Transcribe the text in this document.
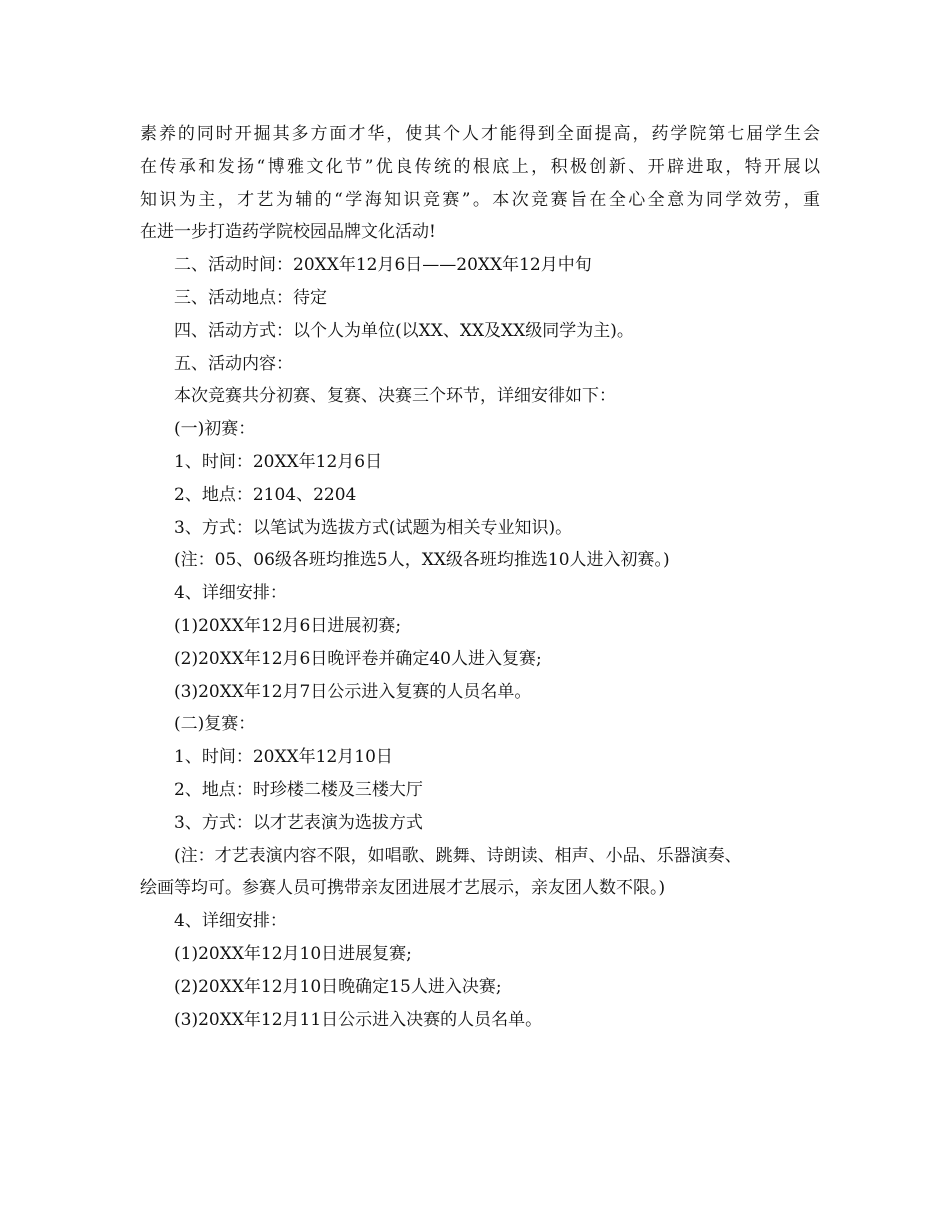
素养的同时开掘其多方面才华，使其个人才能得到全面提高，药学院第七届学生会
在传承和发扬“博雅文化节”优良传统的根底上，积极创新、开辟进取，特开展以
知识为主，才艺为辅的“学海知识竞赛”。本次竞赛旨在全心全意为同学效劳，重
在进一步打造药学院校园品牌文化活动!
二、活动时间：20XX年12月6日——20XX年12月中旬
三、活动地点：待定
四、活动方式：以个人为单位(以XX、XX及XX级同学为主)。
五、活动内容：
本次竞赛共分初赛、复赛、决赛三个环节，详细安徘如下：
(一)初赛：
1、时间：20XX年12月6日
2、地点：2104、2204
3、方式：以笔试为选拔方式(试题为相关专业知识)。
(注：05、06级各班均推选5人，XX级各班均推选10人进入初赛。)
4、详细安排：
(1)20XX年12月6日进展初赛;
(2)20XX年12月6日晚评卷并确定40人进入复赛;
(3)20XX年12月7日公示进入复赛的人员名单。
(二)复赛：
1、时间：20XX年12月10日
2、地点：时珍楼二楼及三楼大厅
3、方式：以才艺表演为选拔方式
(注：才艺表演内容不限，如唱歌、跳舞、诗朗读、相声、小品、乐器演奏、
绘画等均可。参赛人员可携带亲友团进展才艺展示，亲友团人数不限。)
4、详细安排：
(1)20XX年12月10日进展复赛;
(2)20XX年12月10日晚确定15人进入决赛;
(3)20XX年12月11日公示进入决赛的人员名单。
